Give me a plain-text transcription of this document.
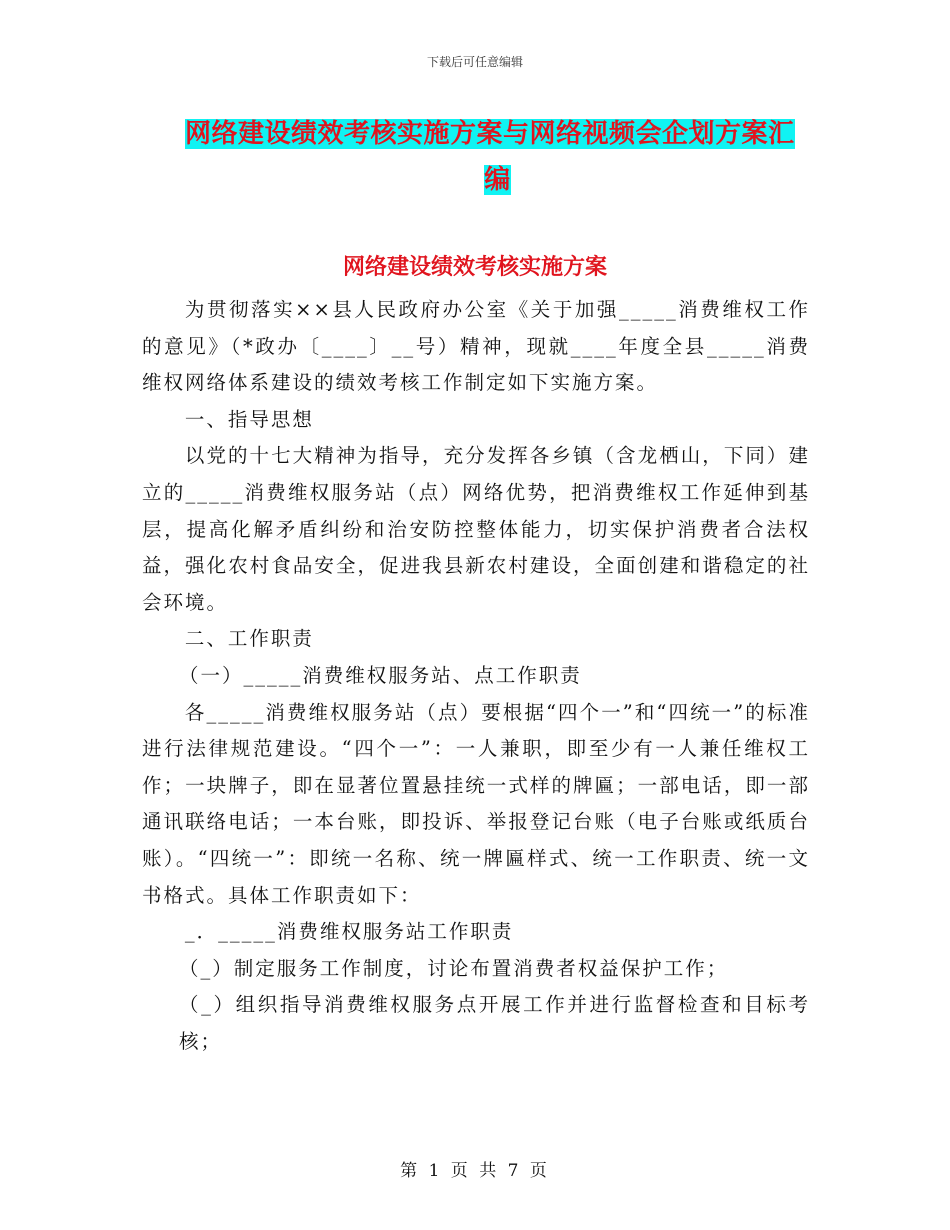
下载后可任意编辑
网络建设绩效考核实施方案与网络视频会企划方案汇
编
网络建设绩效考核实施方案

为贯彻落实××县人民政府办公室《关于加强_____消费维权工作的意见》（*政办〔____〕__号）精神，现就____年度全县_____消费维权网络体系建设的绩效考核工作制定如下实施方案。

一、指导思想

以党的十七大精神为指导，充分发挥各乡镇（含龙栖山，下同）建立的_____消费维权服务站（点）网络优势，把消费维权工作延伸到基层，提高化解矛盾纠纷和治安防控整体能力，切实保护消费者合法权益，强化农村食品安全，促进我县新农村建设，全面创建和谐稳定的社会环境。

二、工作职责

（一）_____消费维权服务站、点工作职责

各_____消费维权服务站（点）要根据“四个一”和“四统一”的标准进行法律规范建设。“四个一”：一人兼职，即至少有一人兼任维权工作；一块牌子，即在显著位置悬挂统一式样的牌匾；一部电话，即一部通讯联络电话；一本台账，即投诉、举报登记台账（电子台账或纸质台账）。“四统一”：即统一名称、统一牌匾样式、统一工作职责、统一文书格式。具体工作职责如下：

_．_____消费维权服务站工作职责

（_）制定服务工作制度，讨论布置消费者权益保护工作；

（_）组织指导消费维权服务点开展工作并进行监督检查和目标考核；

第 1 页 共 7 页
